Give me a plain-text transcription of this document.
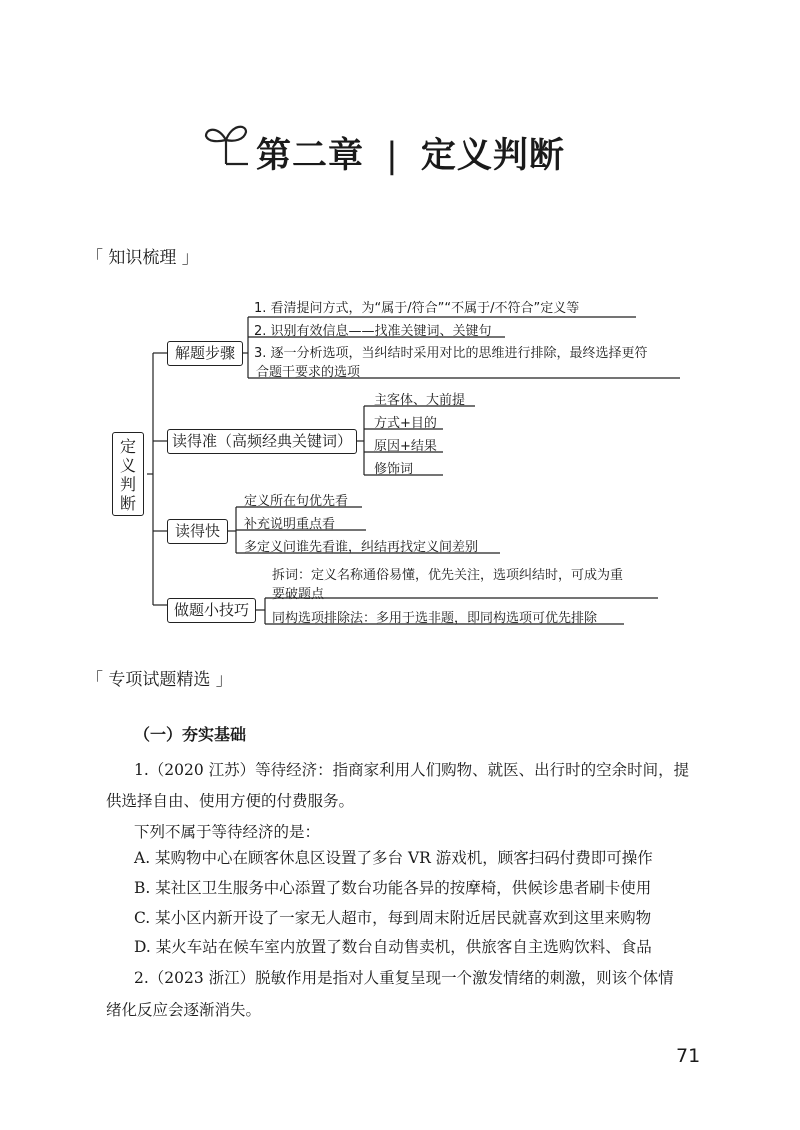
第二章 | 定义判断
「 知识梳理 」
定义判断
解题步骤
读得准（高频经典关键词）
读得快
做题小技巧
1. 看清提问方式，为“属于/符合”“不属于/不符合”定义等
2. 识别有效信息——找准关键词、关键句
3. 逐一分析选项，当纠结时采用对比的思维进行排除，最终选择更符
合题干要求的选项
主客体、大前提
方式+目的
原因+结果
修饰词
定义所在句优先看
补充说明重点看
多定义问谁先看谁，纠结再找定义间差别
拆词：定义名称通俗易懂，优先关注，选项纠结时，可成为重
要破题点
同构选项排除法：多用于选非题，即同构选项可优先排除
「 专项试题精选 」
（一）夯实基础
1.（2020 江苏）等待经济：指商家利用人们购物、就医、出行时的空余时间，提
供选择自由、使用方便的付费服务。
下列不属于等待经济的是：
A. 某购物中心在顾客休息区设置了多台 VR 游戏机，顾客扫码付费即可操作
B. 某社区卫生服务中心添置了数台功能各异的按摩椅，供候诊患者刷卡使用
C. 某小区内新开设了一家无人超市，每到周末附近居民就喜欢到这里来购物
D. 某火车站在候车室内放置了数台自动售卖机，供旅客自主选购饮料、食品
2.（2023 浙江）脱敏作用是指对人重复呈现一个激发情绪的刺激，则该个体情
绪化反应会逐渐消失。
71
